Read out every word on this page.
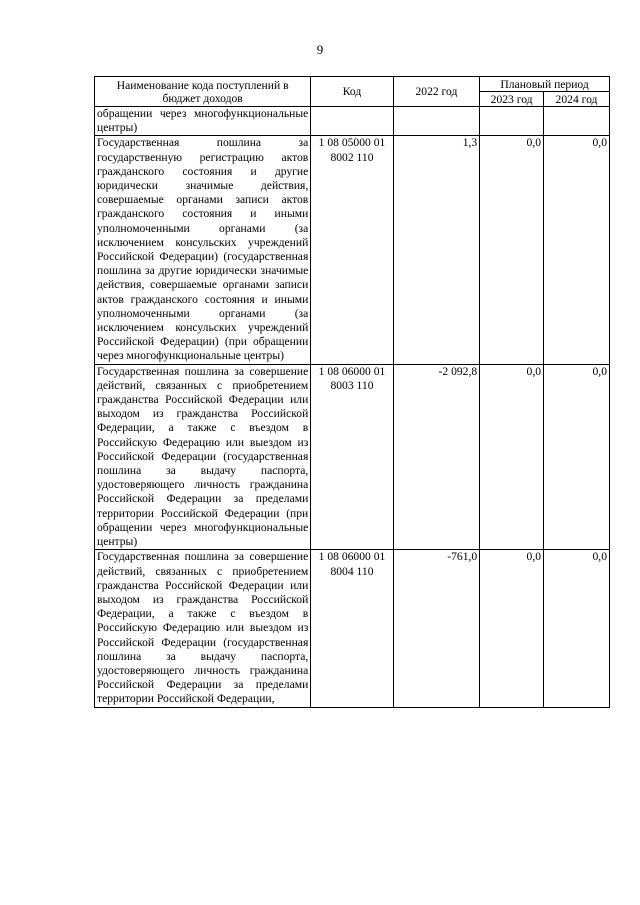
9
Наименование кода поступлений в бюджет доходов	Код	2022 год	Плановый период	
			2023 год	2024 год
обращении через многофункциональные центры)				
Государственная пошлина за государственную регистрацию актов гражданского состояния и другие юридически значимые действия, совершаемые органами записи актов гражданского состояния и иными уполномоченными органами (за исключением консульских учреждений Российской Федерации) (государственная пошлина за другие юридически значимые действия, совершаемые органами записи актов гражданского состояния и иными уполномоченными органами (за исключением консульских учреждений Российской Федерации) (при обращении через многофункциональные центры)	1 08 05000 01 8002 110	1,3	0,0	0,0
Государственная пошлина за совершение действий, связанных с приобретением гражданства Российской Федерации или выходом из гражданства Российской Федерации, а также с въездом в Российскую Федерацию или выездом из Российской Федерации (государственная пошлина за выдачу паспорта, удостоверяющего личность гражданина Российской Федерации за пределами территории Российской Федерации (при обращении через многофункциональные центры)	1 08 06000 01 8003 110	-2 092,8	0,0	0,0
Государственная пошлина за совершение действий, связанных с приобретением гражданства Российской Федерации или выходом из гражданства Российской Федерации, а также с въездом в Российскую Федерацию или выездом из Российской Федерации (государственная пошлина за выдачу паспорта, удостоверяющего личность гражданина Российской Федерации за пределами территории Российской Федерации,	1 08 06000 01 8004 110	-761,0	0,0	0,0
